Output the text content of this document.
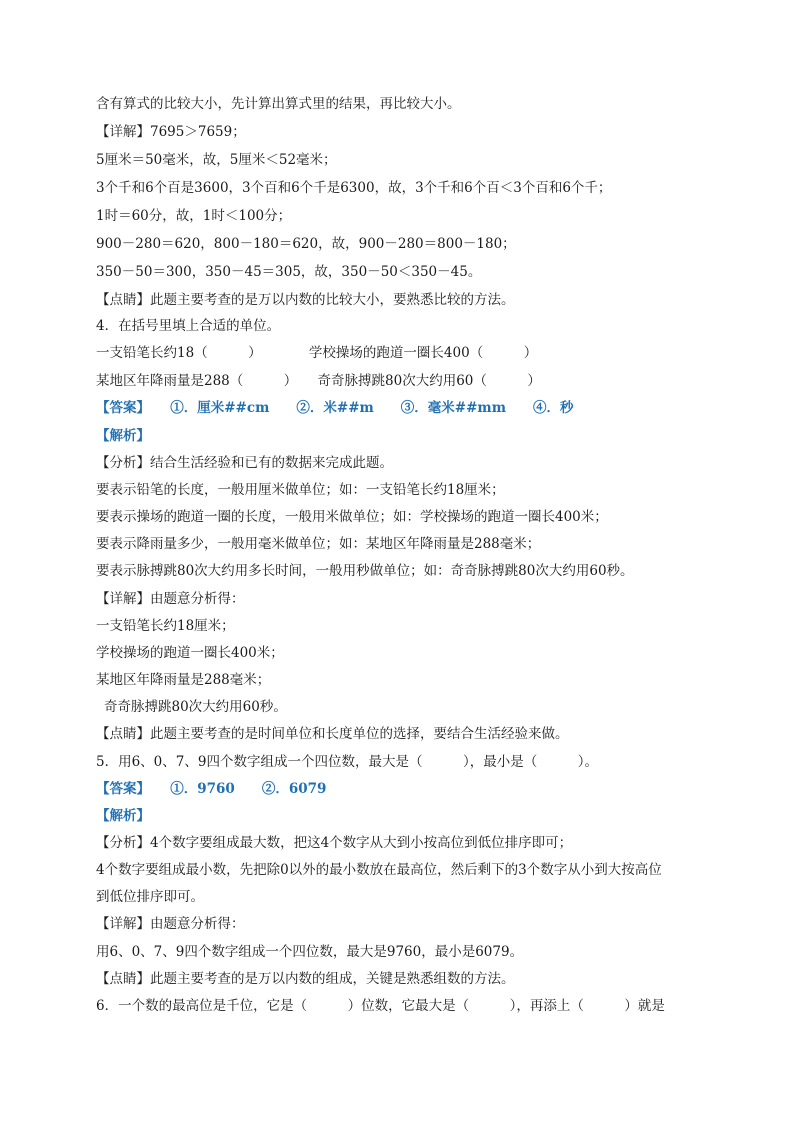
含有算式的比较大小，先计算出算式里的结果，再比较大小。
【详解】7695＞7659；
5厘米＝50毫米，故，5厘米＜52毫米；
3个千和6个百是3600，3个百和6个千是6300，故，3个千和6个百＜3个百和6个千；
1时＝60分，故，1时＜100分；
900－280＝620，800－180＝620，故，900－280＝800－180；
350－50＝300，350－45＝305，故，350－50＜350－45。
【点睛】此题主要考查的是万以内数的比较大小，要熟悉比较的方法。
4．在括号里填上合适的单位。
一支铅笔长约18（　　　）　　　　学校操场的跑道一圈长400（　　　）
某地区年降雨量是288（　　　）　　奇奇脉搏跳80次大约用60（　　　）
【答案】　　①．厘米##cm　　②．米##m　　③．毫米##mm　　④．秒
【解析】
【分析】结合生活经验和已有的数据来完成此题。
要表示铅笔的长度，一般用厘米做单位；如：一支铅笔长约18厘米；
要表示操场的跑道一圈的长度，一般用米做单位；如：学校操场的跑道一圈长400米；
要表示降雨量多少，一般用毫米做单位；如：某地区年降雨量是288毫米；
要表示脉搏跳80次大约用多长时间，一般用秒做单位；如：奇奇脉搏跳80次大约用60秒。
【详解】由题意分析得：
一支铅笔长约18厘米；
学校操场的跑道一圈长400米；
某地区年降雨量是288毫米；
奇奇脉搏跳80次大约用60秒。
【点睛】此题主要考查的是时间单位和长度单位的选择，要结合生活经验来做。
5．用6、0、7、9四个数字组成一个四位数，最大是（　　　），最小是（　　　）。
【答案】　　①．9760　　②．6079
【解析】
【分析】4个数字要组成最大数，把这4个数字从大到小按高位到低位排序即可；
4个数字要组成最小数，先把除0以外的最小数放在最高位，然后剩下的3个数字从小到大按高位
到低位排序即可。
【详解】由题意分析得：
用6、0、7、9四个数字组成一个四位数，最大是9760，最小是6079。
【点睛】此题主要考查的是万以内数的组成，关键是熟悉组数的方法。
6．一个数的最高位是千位，它是（　　　）位数，它最大是（　　　），再添上（　　　）就是
